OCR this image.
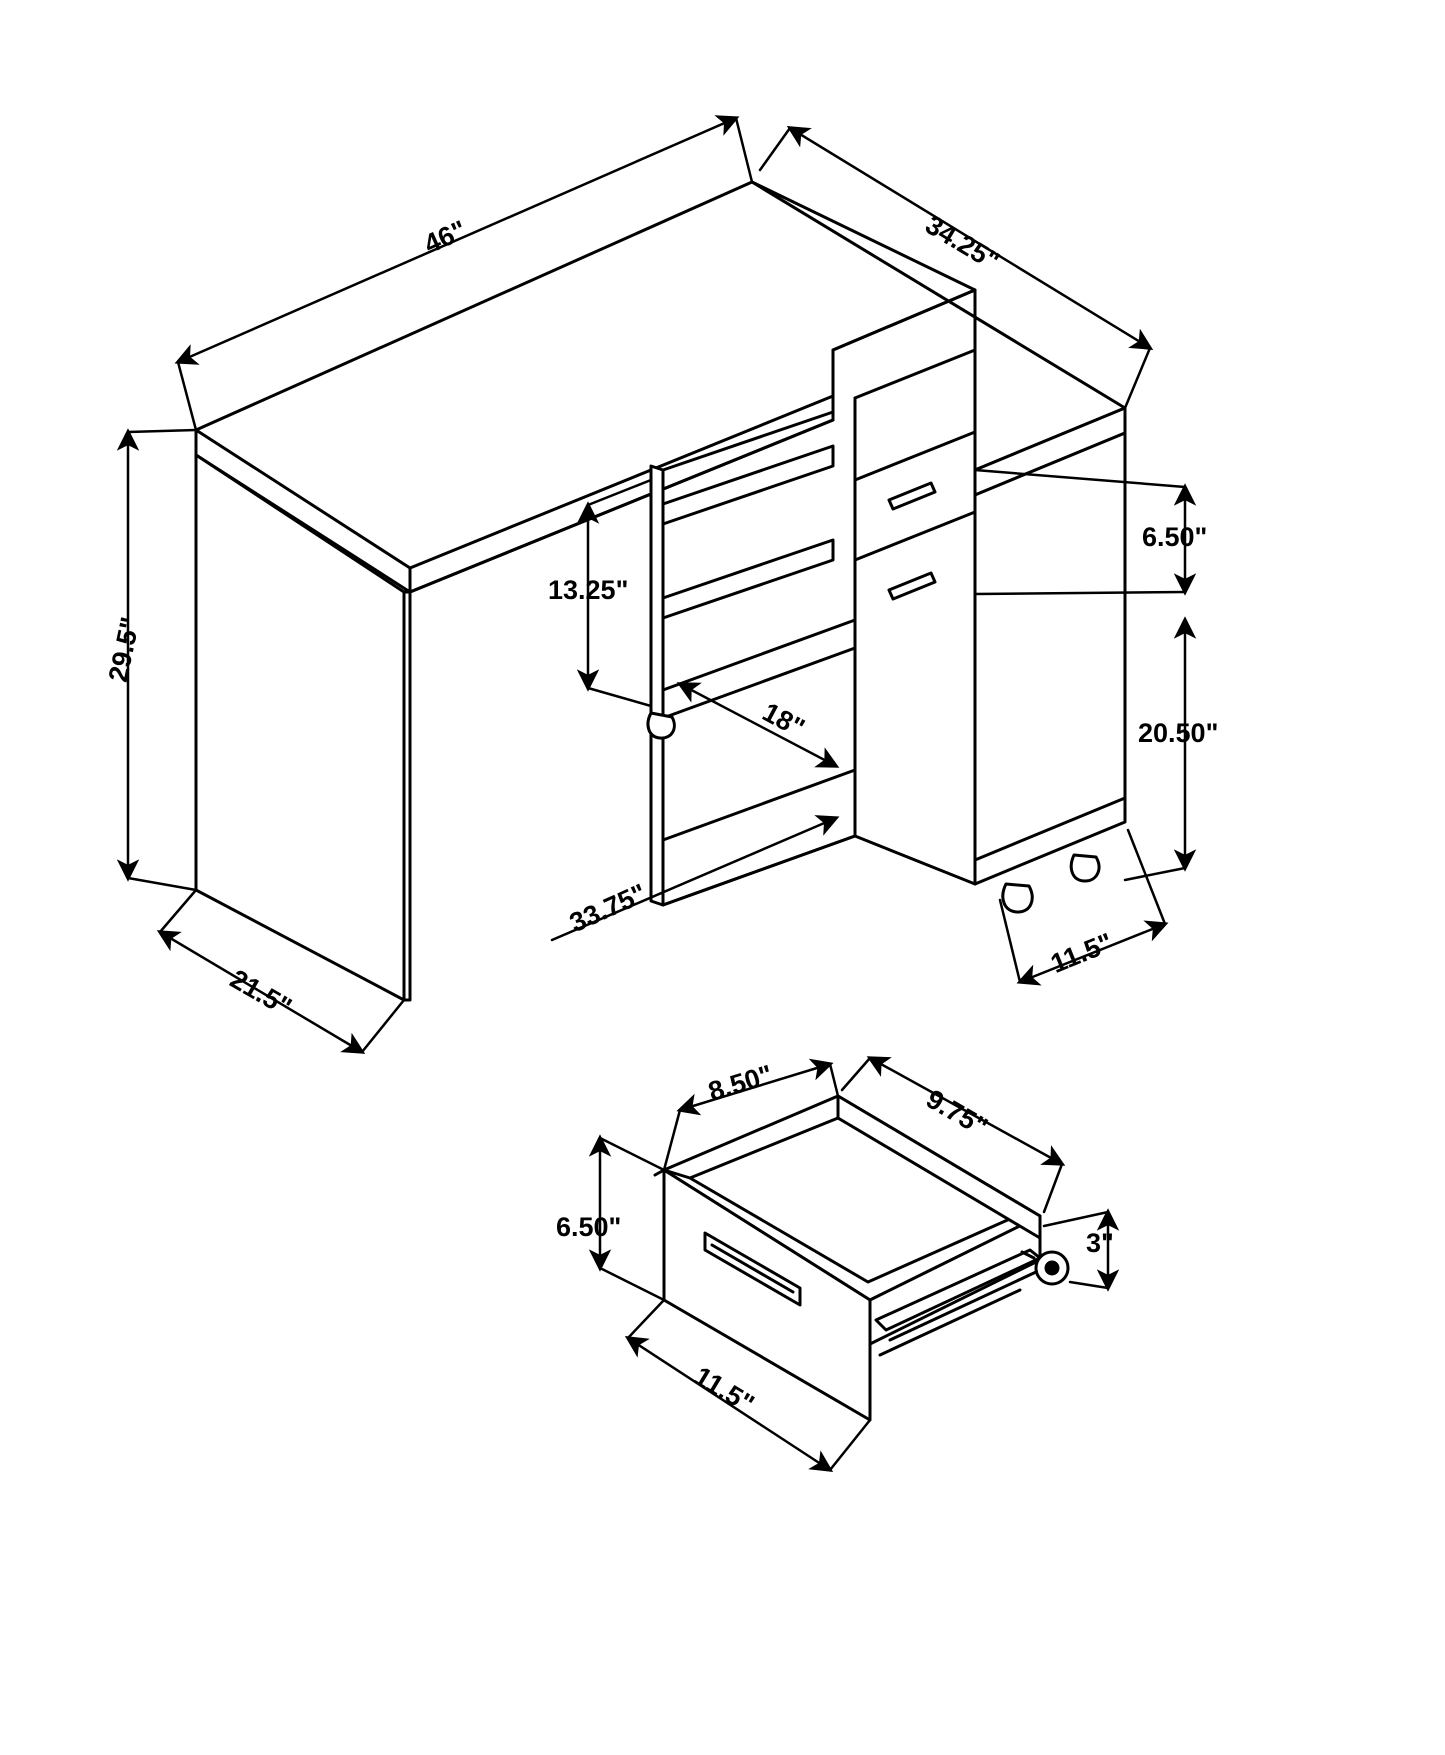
46"	34.25"
29.5"
21.5"
13.25"
18"
33.75"
6.50"
20.50"
11.5"
8.50"
9.75"
6.50"
3"
11.5"
